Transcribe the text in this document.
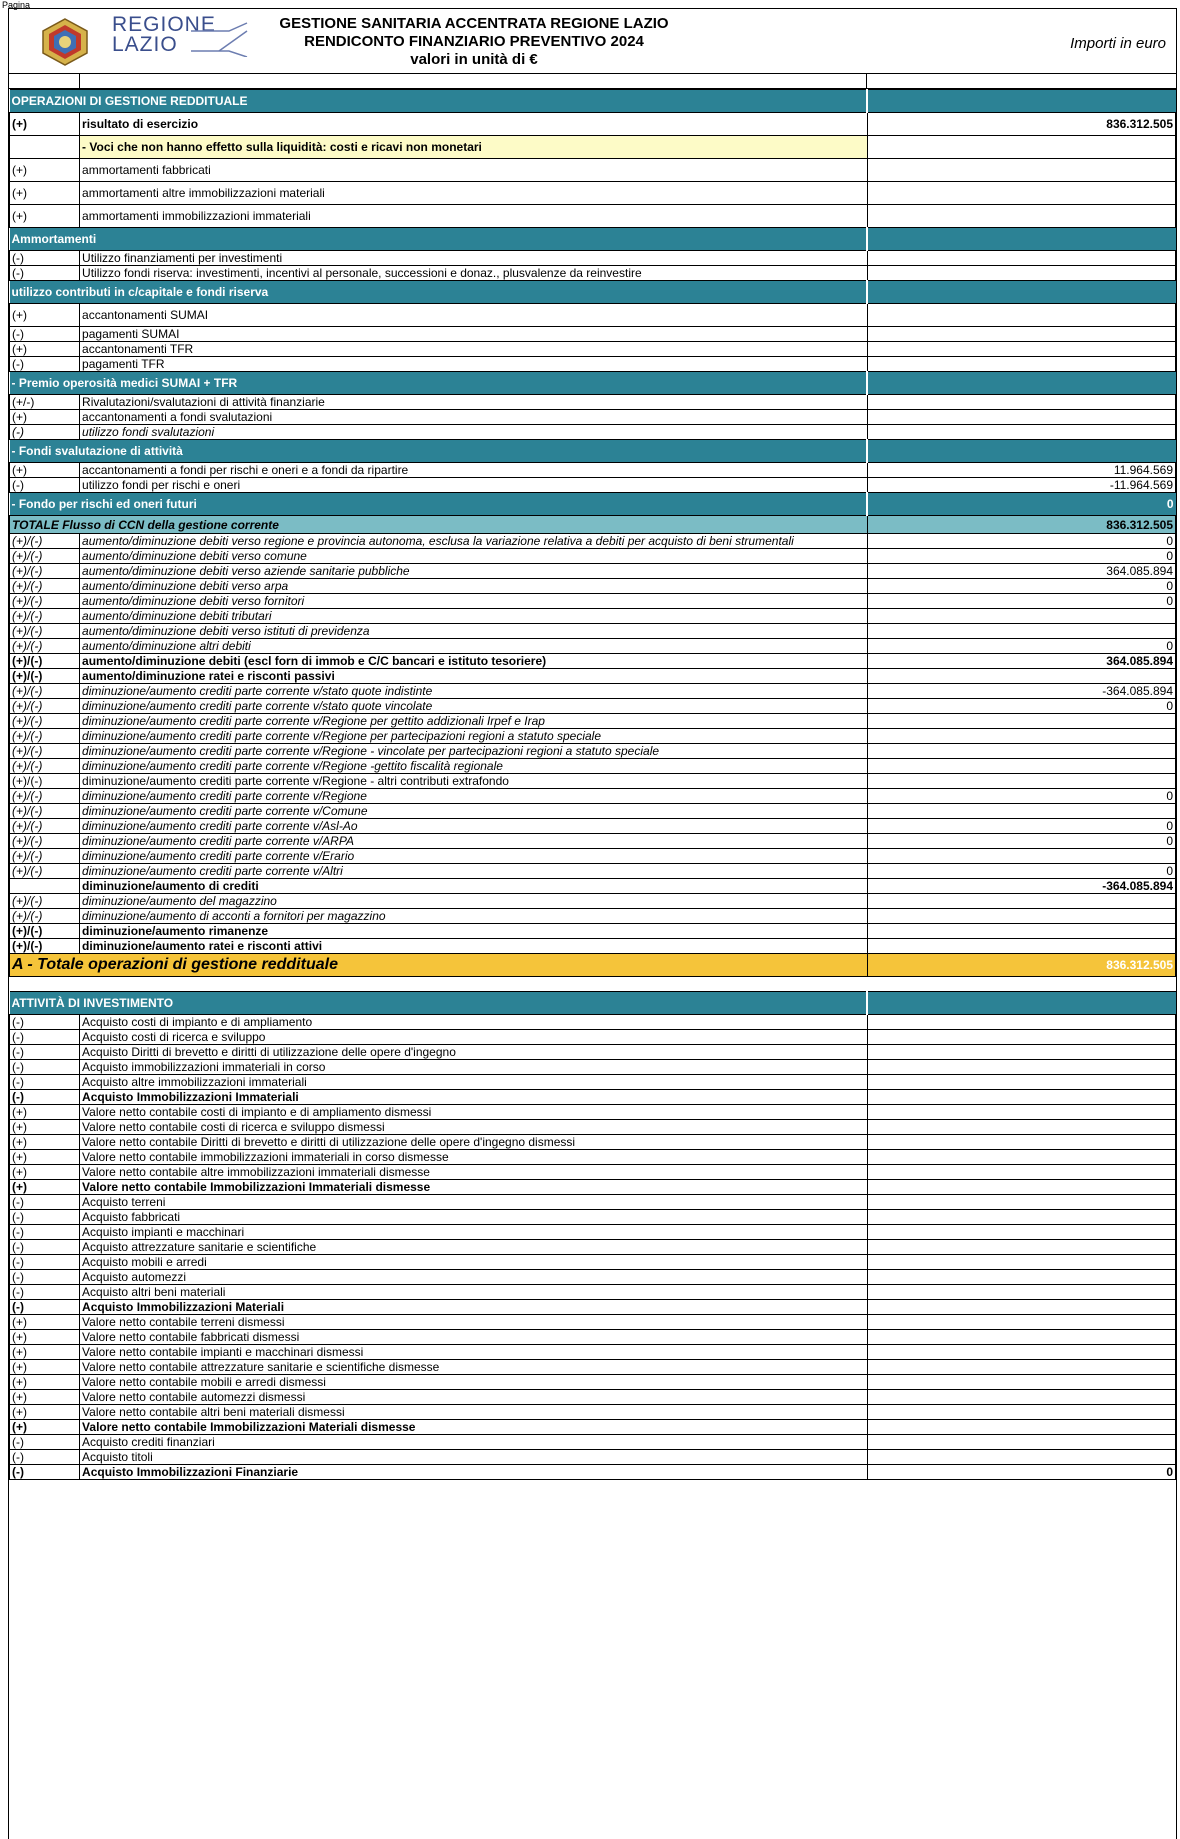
Pagina
REGIONE
LAZIO
GESTIONE SANITARIA ACCENTRATA REGIONE LAZIO
RENDICONTO FINANZIARIO PREVENTIVO 2024
valori in unità di €
Importi in euro
OPERAZIONI DI GESTIONE REDDITUALE		
(+)	risultato di esercizio	836.312.505
	- Voci che non hanno effetto sulla liquidità: costi e ricavi non monetari	
(+)	ammortamenti fabbricati	
(+)	ammortamenti altre immobilizzazioni materiali	
(+)	ammortamenti immobilizzazioni immateriali	
Ammortamenti		
(-)	Utilizzo finanziamenti per investimenti	
(-)	Utilizzo fondi riserva: investimenti, incentivi al personale, successioni e donaz., plusvalenze da reinvestire	
utilizzo contributi in c/capitale e fondi riserva		
(+)	accantonamenti SUMAI	
(-)	pagamenti SUMAI	
(+)	accantonamenti TFR	
(-)	pagamenti TFR	
- Premio operosità medici SUMAI + TFR		
(+/-)	Rivalutazioni/svalutazioni di attività finanziarie	
(+)	accantonamenti a fondi svalutazioni	
(-)	utilizzo fondi svalutazioni	
- Fondi svalutazione di attività		
(+)	accantonamenti a fondi per rischi e oneri e a fondi da ripartire	11.964.569
(-)	utilizzo fondi per rischi e oneri	-11.964.569
- Fondo per rischi ed oneri futuri		0
TOTALE Flusso di CCN della gestione corrente		836.312.505
(+)/(-)	aumento/diminuzione debiti verso regione e provincia autonoma, esclusa la variazione relativa a debiti per acquisto di beni strumentali	0
(+)/(-)	aumento/diminuzione debiti verso comune	0
(+)/(-)	aumento/diminuzione debiti verso aziende sanitarie pubbliche	364.085.894
(+)/(-)	aumento/diminuzione debiti verso arpa	0
(+)/(-)	aumento/diminuzione debiti verso fornitori	0
(+)/(-)	aumento/diminuzione debiti tributari	
(+)/(-)	aumento/diminuzione debiti verso istituti di previdenza	
(+)/(-)	aumento/diminuzione altri debiti	0
(+)/(-)	aumento/diminuzione debiti (escl forn di immob e C/C bancari e istituto tesoriere)	364.085.894
(+)/(-)	aumento/diminuzione ratei e risconti passivi	
(+)/(-)	diminuzione/aumento crediti parte corrente v/stato quote indistinte	-364.085.894
(+)/(-)	diminuzione/aumento crediti parte corrente v/stato quote vincolate	0
(+)/(-)	diminuzione/aumento crediti parte corrente v/Regione per gettito addizionali Irpef e Irap	
(+)/(-)	diminuzione/aumento crediti parte corrente v/Regione per partecipazioni regioni a statuto speciale	
(+)/(-)	diminuzione/aumento crediti parte corrente v/Regione - vincolate per partecipazioni regioni a statuto speciale	
(+)/(-)	diminuzione/aumento crediti parte corrente v/Regione -gettito fiscalità regionale	
(+)/(-)	diminuzione/aumento crediti parte corrente v/Regione - altri contributi extrafondo	
(+)/(-)	diminuzione/aumento crediti parte corrente v/Regione	0
(+)/(-)	diminuzione/aumento crediti parte corrente v/Comune	
(+)/(-)	diminuzione/aumento crediti parte corrente v/Asl-Ao	0
(+)/(-)	diminuzione/aumento crediti parte corrente v/ARPA	0
(+)/(-)	diminuzione/aumento crediti parte corrente v/Erario	
(+)/(-)	diminuzione/aumento crediti parte corrente v/Altri	0
	diminuzione/aumento di crediti	-364.085.894
(+)/(-)	diminuzione/aumento del magazzino	
(+)/(-)	diminuzione/aumento di acconti a fornitori per magazzino	
(+)/(-)	diminuzione/aumento rimanenze	
(+)/(-)	diminuzione/aumento ratei e risconti attivi	
A - Totale operazioni di gestione reddituale		836.312.505

ATTIVITÀ DI INVESTIMENTO		
(-)	Acquisto costi di impianto e di ampliamento	
(-)	Acquisto costi di ricerca e sviluppo	
(-)	Acquisto Diritti di brevetto e diritti di utilizzazione delle opere d'ingegno	
(-)	Acquisto immobilizzazioni immateriali in corso	
(-)	Acquisto altre immobilizzazioni immateriali	
(-)	Acquisto Immobilizzazioni Immateriali	
(+)	Valore netto contabile costi di impianto e di ampliamento dismessi	
(+)	Valore netto contabile costi di ricerca e sviluppo dismessi	
(+)	Valore netto contabile Diritti di brevetto e diritti di utilizzazione delle opere d'ingegno dismessi	
(+)	Valore netto contabile immobilizzazioni immateriali in corso dismesse	
(+)	Valore netto contabile altre immobilizzazioni immateriali dismesse	
(+)	Valore netto contabile Immobilizzazioni Immateriali dismesse	
(-)	Acquisto terreni	
(-)	Acquisto fabbricati	
(-)	Acquisto impianti e macchinari	
(-)	Acquisto attrezzature sanitarie e scientifiche	
(-)	Acquisto mobili e arredi	
(-)	Acquisto automezzi	
(-)	Acquisto altri beni materiali	
(-)	Acquisto Immobilizzazioni Materiali	
(+)	Valore netto contabile terreni dismessi	
(+)	Valore netto contabile fabbricati dismessi	
(+)	Valore netto contabile impianti e macchinari dismessi	
(+)	Valore netto contabile attrezzature sanitarie e scientifiche dismesse	
(+)	Valore netto contabile mobili e arredi dismessi	
(+)	Valore netto contabile automezzi dismessi	
(+)	Valore netto contabile altri beni materiali dismessi	
(+)	Valore netto contabile Immobilizzazioni Materiali dismesse	
(-)	Acquisto crediti finanziari	
(-)	Acquisto titoli	
(-)	Acquisto Immobilizzazioni Finanziarie	0
